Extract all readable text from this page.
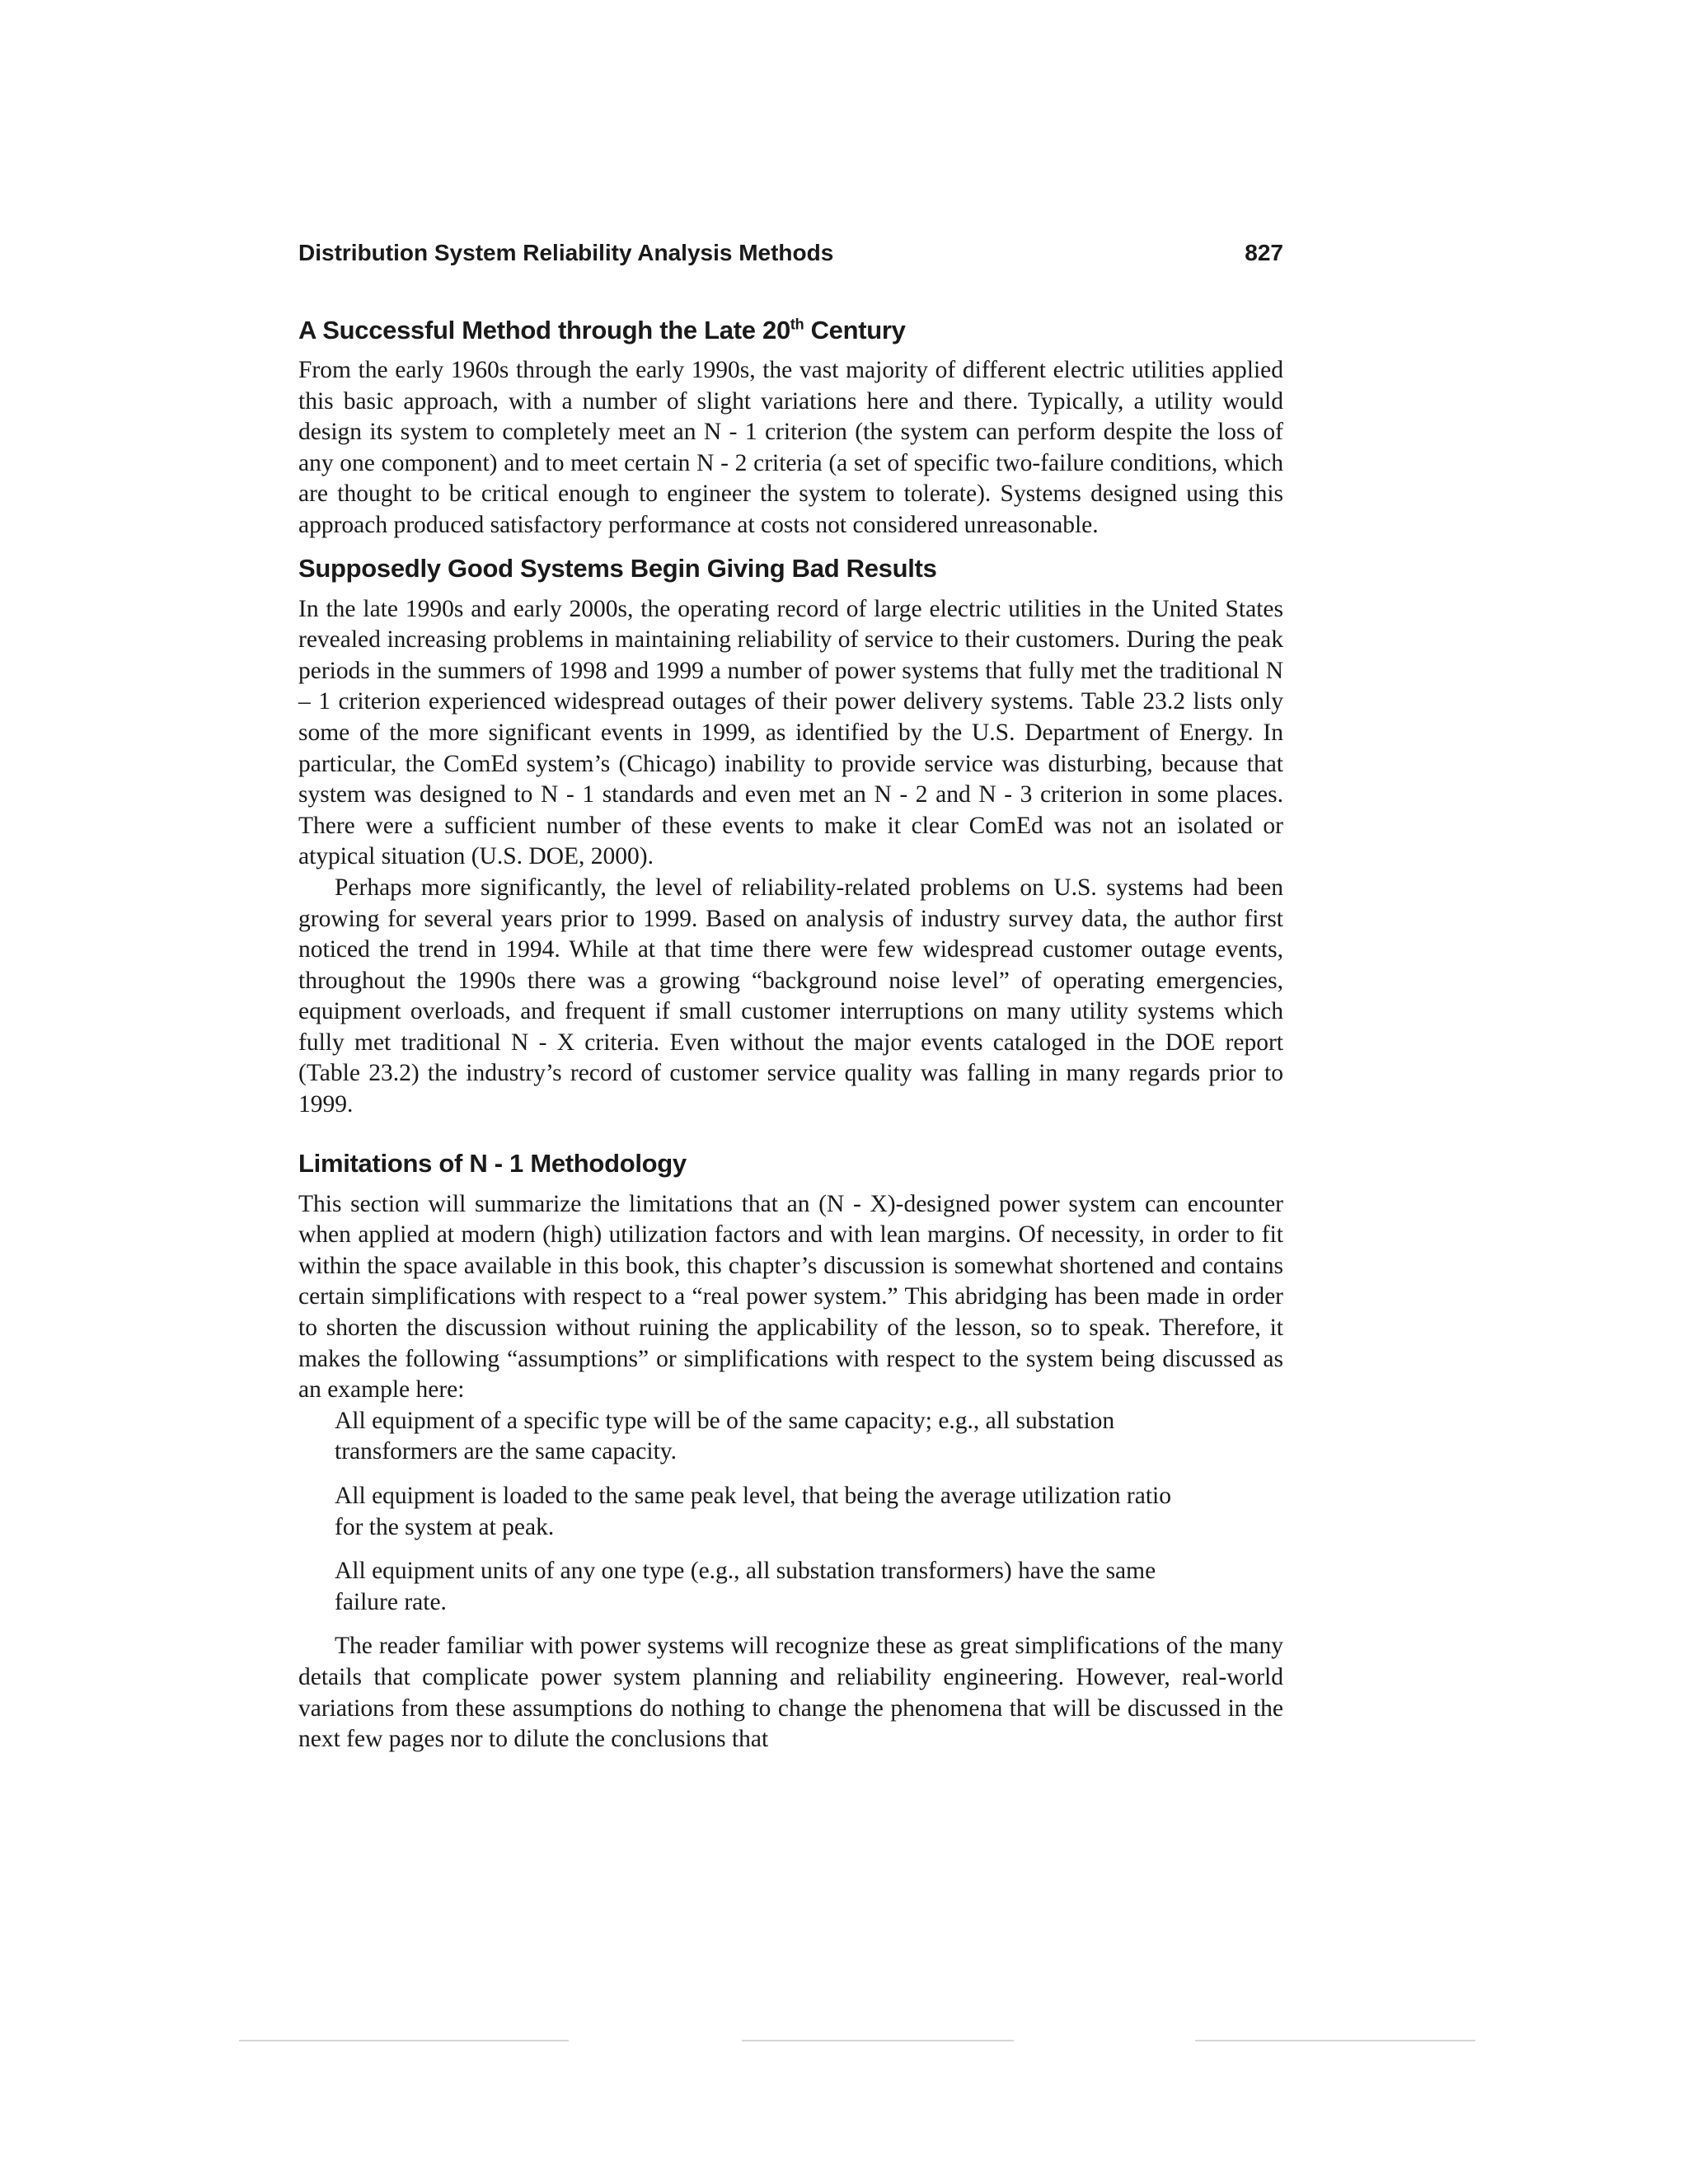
Distribution System Reliability Analysis Methods	827
A Successful Method through the Late 20th Century

From the early 1960s through the early 1990s, the vast majority of different electric utilities applied this basic approach, with a number of slight variations here and there. Typically, a utility would design its system to completely meet an N - 1 criterion (the system can perform despite the loss of any one component) and to meet certain N - 2 criteria (a set of specific two-failure conditions, which are thought to be critical enough to engineer the system to tolerate). Systems designed using this approach produced satisfactory performance at costs not considered unreasonable.

Supposedly Good Systems Begin Giving Bad Results

In the late 1990s and early 2000s, the operating record of large electric utilities in the United States revealed increasing problems in maintaining reliability of service to their customers. During the peak periods in the summers of 1998 and 1999 a number of power systems that fully met the traditional N – 1 criterion experienced widespread outages of their power delivery systems. Table 23.2 lists only some of the more significant events in 1999, as identified by the U.S. Department of Energy. In particular, the ComEd system’s (Chicago) inability to provide service was disturbing, because that system was designed to N - 1 standards and even met an N - 2 and N - 3 criterion in some places. There were a sufficient number of these events to make it clear ComEd was not an isolated or atypical situation (U.S. DOE, 2000).

Perhaps more significantly, the level of reliability-related problems on U.S. systems had been growing for several years prior to 1999. Based on analysis of industry survey data, the author first noticed the trend in 1994. While at that time there were few widespread customer outage events, throughout the 1990s there was a growing “background noise level” of operating emergencies, equipment overloads, and frequent if small customer interruptions on many utility systems which fully met traditional N - X criteria. Even without the major events cataloged in the DOE report (Table 23.2) the industry’s record of customer service quality was falling in many regards prior to 1999.

Limitations of N - 1 Methodology

This section will summarize the limitations that an (N - X)-designed power system can encounter when applied at modern (high) utilization factors and with lean margins. Of necessity, in order to fit within the space available in this book, this chapter’s discussion is somewhat shortened and contains certain simplifications with respect to a “real power system.” This abridging has been made in order to shorten the discussion without ruining the applicability of the lesson, so to speak. Therefore, it makes the following “assumptions” or simplifications with respect to the system being discussed as an example here:

All equipment of a specific type will be of the same capacity; e.g., all substation transformers are the same capacity.

All equipment is loaded to the same peak level, that being the average utilization ratio for the system at peak.

All equipment units of any one type (e.g., all substation transformers) have the same failure rate.

The reader familiar with power systems will recognize these as great simplifications of the many details that complicate power system planning and reliability engineering. However, real-world variations from these assumptions do nothing to change the phenomena that will be discussed in the next few pages nor to dilute the conclusions that
